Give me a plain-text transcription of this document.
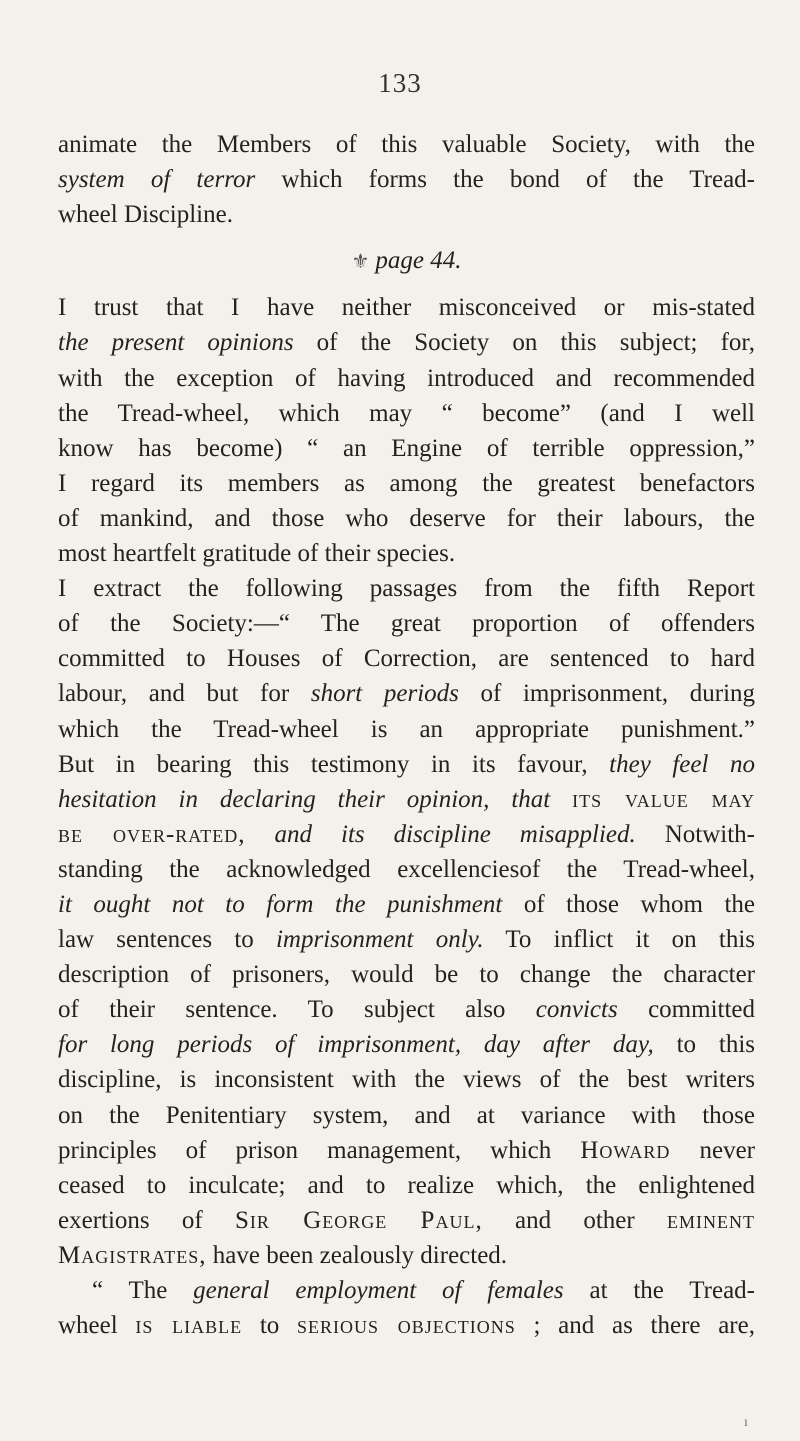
133
animate the Members of this valuable Society, with the
system of terror which forms the bond of the Tread-
wheel Discipline.
⚜ page 44.
I trust that I have neither misconceived or mis-stated
the present opinions of the Society on this subject; for,
with the exception of having introduced and recommended
the Tread-wheel, which may “ become” (and I well
know has become) “ an Engine of terrible oppression,”
I regard its members as among the greatest benefactors
of mankind, and those who deserve for their labours, the
most heartfelt gratitude of their species.
I extract the following passages from the fifth Report
of the Society:—“ The great proportion of offenders
committed to Houses of Correction, are sentenced to hard
labour, and but for short periods of imprisonment, during
which the Tread-wheel is an appropriate punishment.”
But in bearing this testimony in its favour, they feel no
hesitation in declaring their opinion, that its value may
be over-rated, and its discipline misapplied. Notwith-
standing the acknowledged excellenciesof the Tread-wheel,
it ought not to form the punishment of those whom the
law sentences to imprisonment only. To inflict it on this
description of prisoners, would be to change the character
of their sentence. To subject also convicts committed
for long periods of imprisonment, day after day, to this
discipline, is inconsistent with the views of the best writers
on the Penitentiary system, and at variance with those
principles of prison management, which Howard never
ceased to inculcate; and to realize which, the enlightened
exertions of Sir George Paul, and other eminent
Magistrates, have been zealously directed.
“ The general employment of females at the Tread-
wheel is liable to serious objections ; and as there are,
ı
